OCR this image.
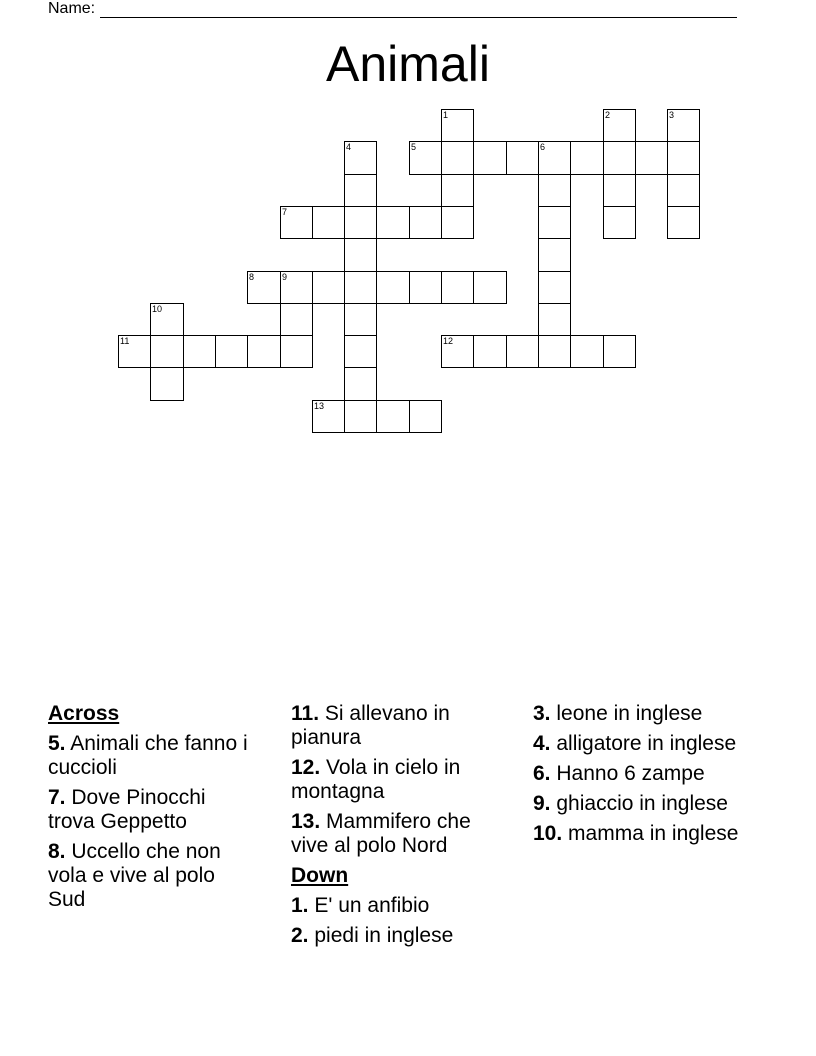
Name:
Animali
1	2	3
4	5	6
7
8	9
10
11	12
13
Across
5. Animali che fanno i cuccioli
7. Dove Pinocchi trova Geppetto
8. Uccello che non vola e vive al polo Sud
11. Si allevano in pianura
12. Vola in cielo in montagna
13. Mammifero che vive al polo Nord
Down
1. E' un anfibio
2. piedi in inglese
3. leone in inglese
4. alligatore in inglese
6. Hanno 6 zampe
9. ghiaccio in inglese
10. mamma in inglese
